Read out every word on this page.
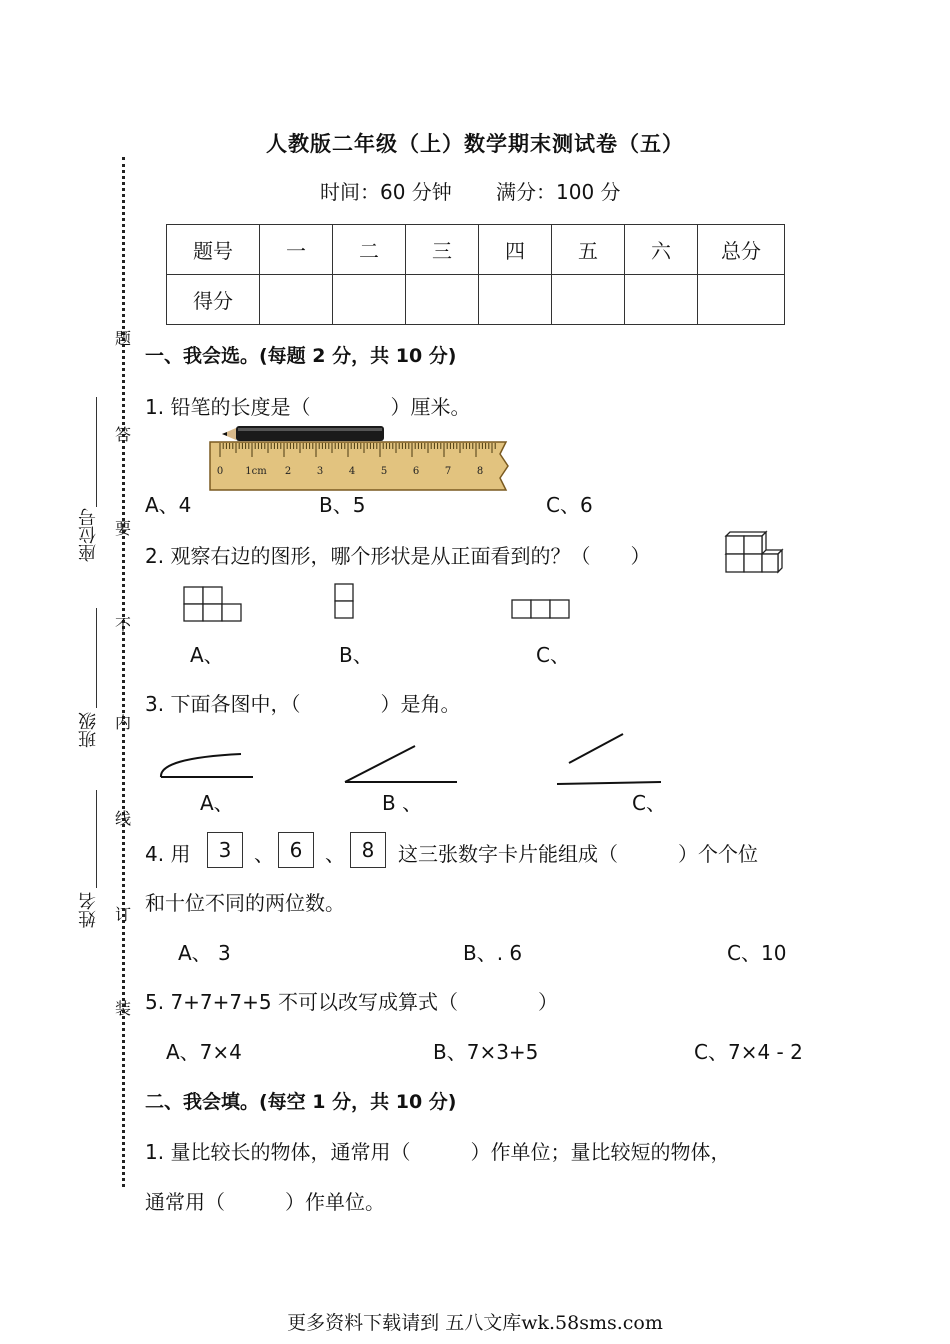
人教版二年级（上）数学期末测试卷（五）
时间：60 分钟 满分：100 分
题号	一	二	三	四	五	六	总分
得分							
题
答
要
不
内
线
订
装
座位号
班级
姓名
一、我会选。(每题 2 分，共 10 分)
1. 铅笔的长度是（　　　　）厘米。
0 1cm 2	3	4	5	6	7	8
A、4	B、5	C、6
2. 观察右边的图形，哪个形状是从正面看到的？（　　）
A、	B、	C、
3. 下面各图中，（　　　　）是角。
A、	B 、	C、
4. 用	3	、 6	、 8	这三张数字卡片能组成（　　　）个个位
和十位不同的两位数。
A、 3	B、. 6	C、10
5. 7+7+7+5 不可以改写成算式（　　　　）
A、7×4	B、7×3+5	C、7×4 - 2
二、我会填。(每空 1 分，共 10 分)
1. 量比较长的物体，通常用（　　　）作单位；量比较短的物体，
通常用（　　　）作单位。
更多资料下载请到 五八文库wk.58sms.com
